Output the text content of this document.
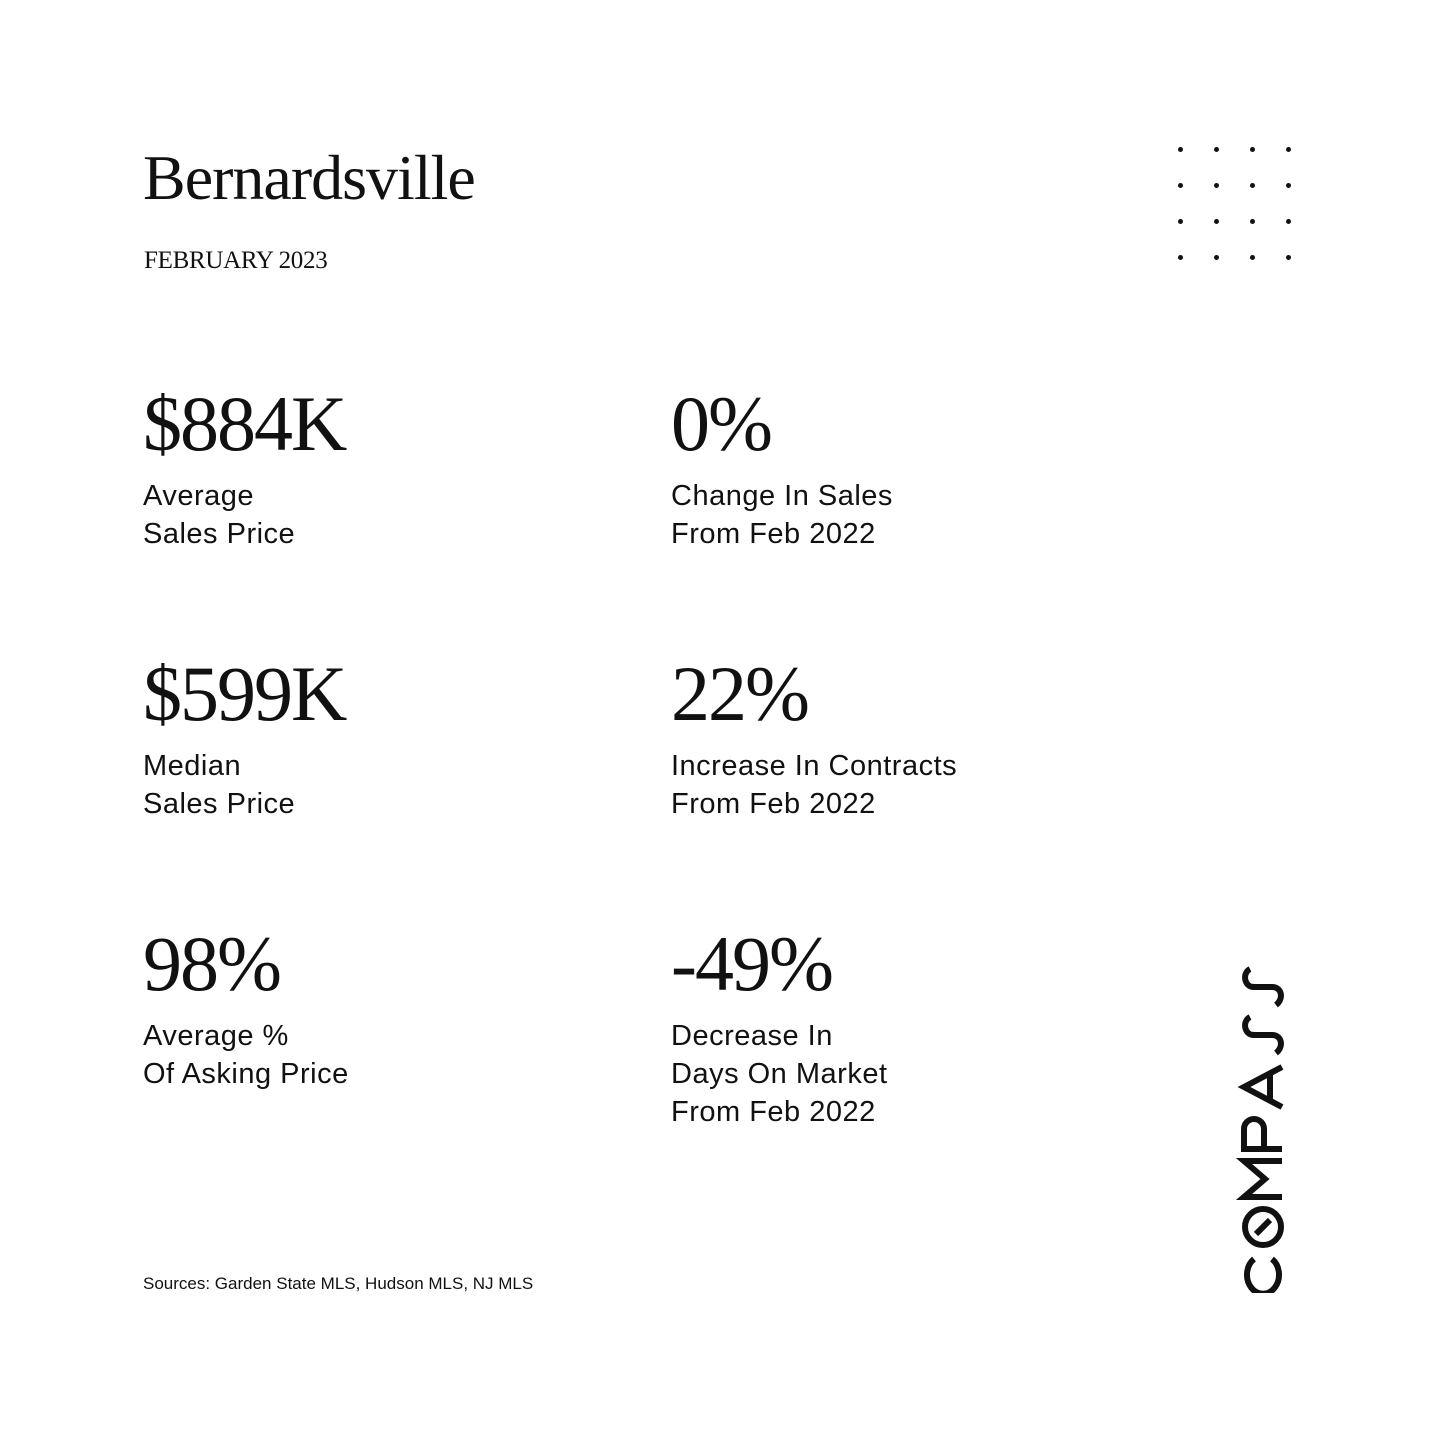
Bernardsville
FEBRUARY 2023
$884K
Average
Sales Price
0%
Change In Sales
From Feb 2022
$599K
Median
Sales Price
22%
Increase In Contracts
From Feb 2022
98%
Average %
Of Asking Price
-49%
Decrease In
Days On Market
From Feb 2022
Sources: Garden State MLS, Hudson MLS, NJ MLS
